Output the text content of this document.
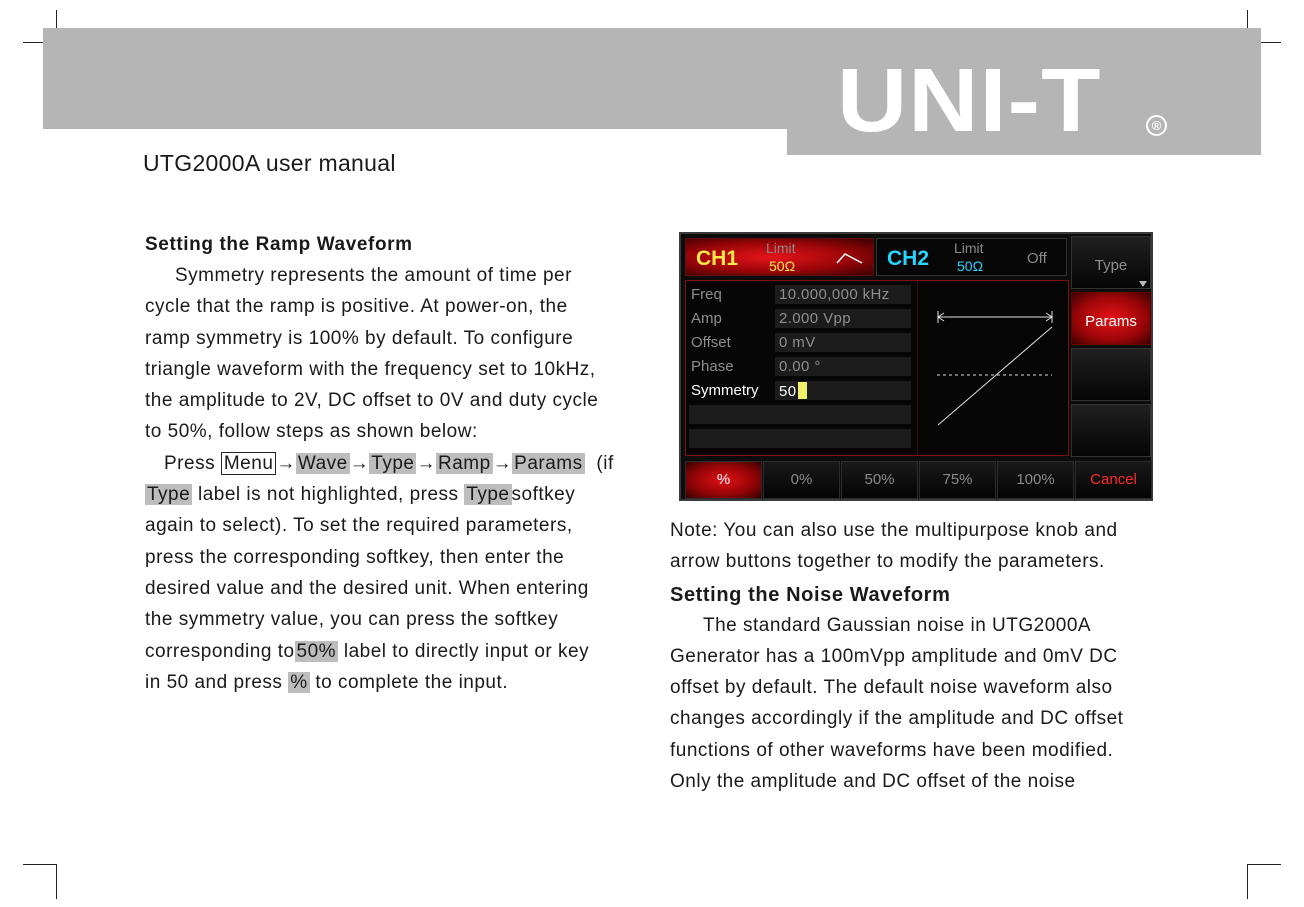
UNI-T	®
UTG2000A user manual
Setting the Ramp Waveform
Symmetry represents the amount of time per
cycle that the ramp is positive. At power-on, the
ramp symmetry is 100% by default. To configure
triangle waveform with the frequency set to 10kHz,
the amplitude to 2V, DC offset to 0V and duty cycle
to 50%, follow steps as shown below:
Press Menu → Wave → Type → Ramp → Params (if
Type label is not highlighted, press Type softkey
again to select). To set the required parameters,
press the corresponding softkey, then enter the
desired value and the desired unit. When entering
the symmetry value, you can press the softkey
corresponding to 50% label to directly input or key
in 50 and press % to complete the input.
CH1 Limit
50Ω	CH2 Limit
50Ω	Off
Freq	10.000,000 kHz
Amp	2.000 Vpp
Offset	0 mV
Phase	0.00 °
Symmetry 50
Type
Params
%	0%	50%	75%	100%	Cancel
Note: You can also use the multipurpose knob and
arrow buttons together to modify the parameters.
Setting the Noise Waveform
The standard Gaussian noise in UTG2000A
Generator has a 100mVpp amplitude and 0mV DC
offset by default. The default noise waveform also
changes accordingly if the amplitude and DC offset
functions of other waveforms have been modified.
Only the amplitude and DC offset of the noise
